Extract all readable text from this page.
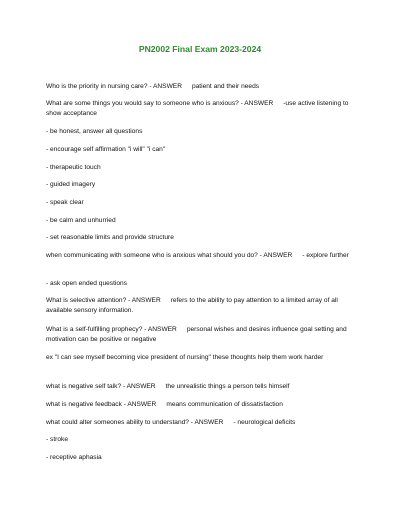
PN2002 Final Exam 2023-2024

Who is the priority in nursing care? - ANSWER patient and their needs

What are some things you would say to someone who is anxious? - ANSWER -use active listening to show acceptance

- be honest, answer all questions

- encourage self affirmation "i will" "i can"

- therapeutic touch

- guided imagery

- speak clear

- be calm and unhurried

- set reasonable limits and provide structure

when communicating with someone who is anxious what should you do? - ANSWER - explore further

- ask open ended questions

What is selective attention? - ANSWER refers to the ability to pay attention to a limited array of all available sensory information.

What is a self-fulfilling prophecy? - ANSWER personal wishes and desires influence goal setting and motivation can be positive or negative

ex "I can see myself becoming vice president of nursing" these thoughts help them work harder

what is negative self talk? - ANSWER the unrealistic things a person tells himself

what is negative feedback - ANSWER means communication of dissatisfaction

what could alter someones ability to understand? - ANSWER - neurological deficits

- stroke

- receptive aphasia
